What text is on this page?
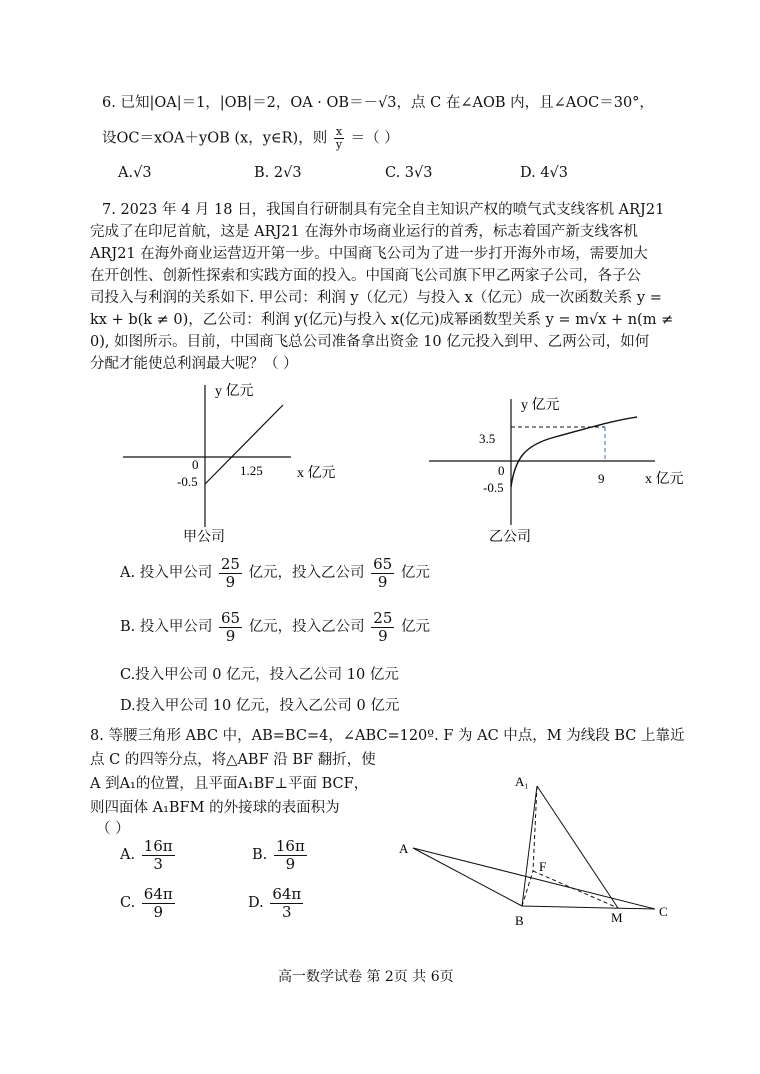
6. 已知|OA|＝1，|OB|＝2，OA · OB＝－√3，点 C 在∠AOB 内，且∠AOC＝30°，
设OC＝xOA＋yOB (x，y∈R)，则 $\frac{x}{y}$ ＝（ ）
A.√3	B. 2√3	C. 3√3	D. 4√3
7. 2023 年 4 月 18 日，我国自行研制具有完全自主知识产权的喷气式支线客机 ARJ21
完成了在印尼首航，这是 ARJ21 在海外市场商业运行的首秀，标志着国产新支线客机
ARJ21 在海外商业运营迈开第一步。中国商飞公司为了进一步打开海外市场，需要加大
在开创性、创新性探索和实践方面的投入。中国商飞公司旗下甲乙两家子公司，各子公
司投入与利润的关系如下. 甲公司：利润 y（亿元）与投入 x（亿元）成一次函数关系 y =
kx + b(k ≠ 0)，乙公司：利润 y(亿元)与投入 x(亿元)成幂函数型关系 y = m√x + n(m ≠
0), 如图所示。目前，中国商飞总公司准备拿出资金 10 亿元投入到甲、乙两公司，如何
分配才能使总利润最大呢？（ ）
y 亿元
x 亿元
0
-0.5
1.25
甲公司
y 亿元
x 亿元
3.5
0
-0.5
9
乙公司
A. 投入甲公司 $\frac{25}{9}$ 亿元，投入乙公司 $\frac{65}{9}$ 亿元
B. 投入甲公司 $\frac{65}{9}$ 亿元，投入乙公司 $\frac{25}{9}$ 亿元
C.投入甲公司 0 亿元，投入乙公司 10 亿元
D.投入甲公司 10 亿元，投入乙公司 0 亿元
8. 等腰三角形 ABC 中，AB=BC=4，∠ABC=120º. F 为 AC 中点，M 为线段 BC 上靠近
点 C 的四等分点，将△ABF 沿 BF 翻折，使
A 到A₁的位置，且平面A₁BF⊥平面 BCF，
则四面体 A₁BFM 的外接球的表面积为
（ ）
A. $\frac{16\pi}{3}$	B. $\frac{16\pi}{9}$
C. $\frac{64\pi}{9}$	D. $\frac{64\pi}{3}$
A₁
A
F
B	M	C
高一数学试卷 第 2页 共 6页
